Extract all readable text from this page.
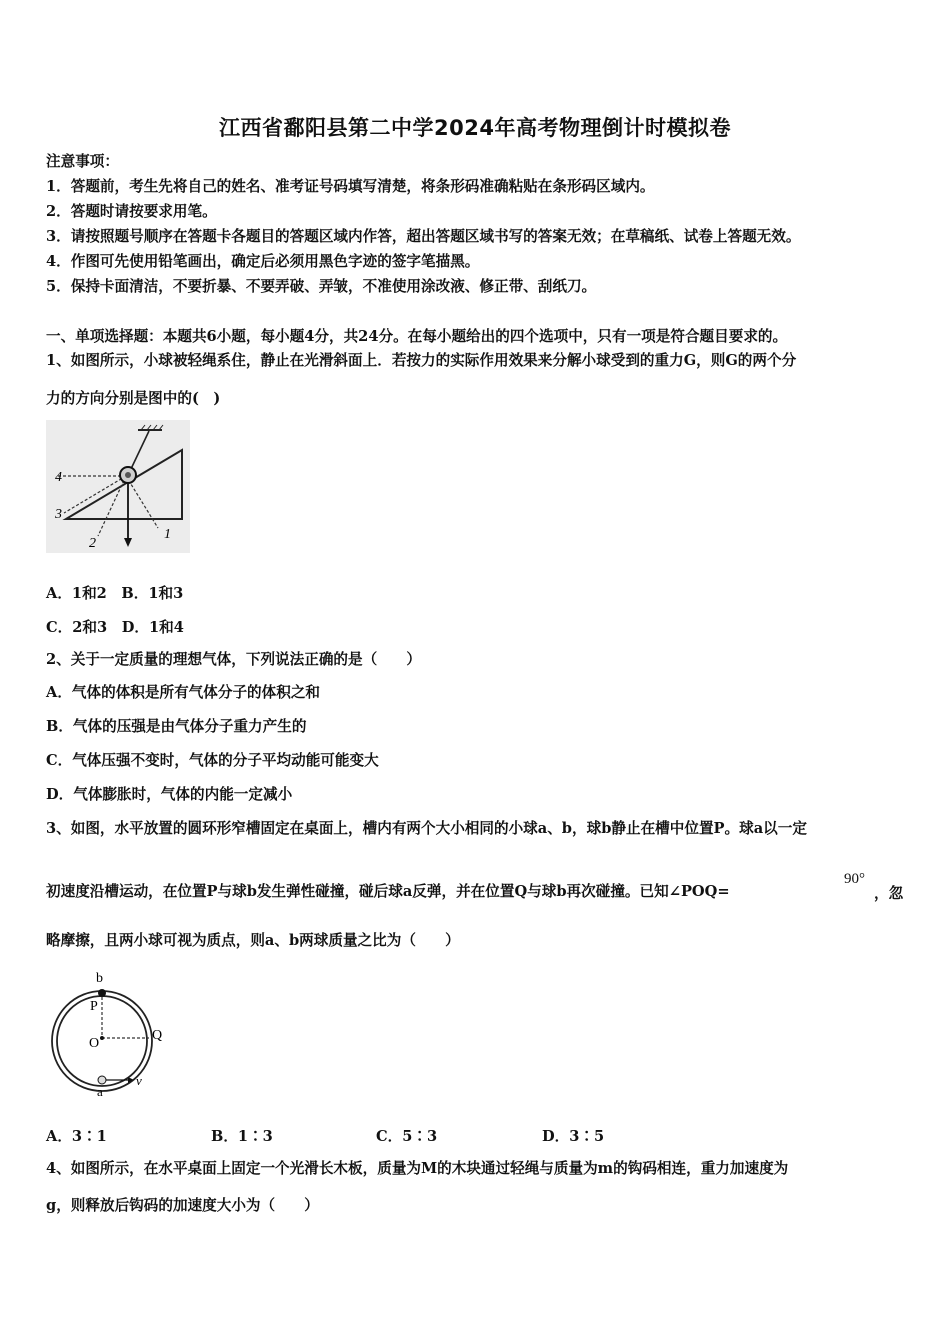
江西省鄱阳县第二中学2024年高考物理倒计时模拟卷
注意事项：
1．答题前，考生先将自己的姓名、准考证号码填写清楚，将条形码准确粘贴在条形码区域内。
2．答题时请按要求用笔。
3．请按照题号顺序在答题卡各题目的答题区域内作答，超出答题区域书写的答案无效；在草稿纸、试卷上答题无效。
4．作图可先使用铅笔画出，确定后必须用黑色字迹的签字笔描黑。
5．保持卡面清洁，不要折暴、不要弄破、弄皱，不准使用涂改液、修正带、刮纸刀。
一、单项选择题：本题共6小题，每小题4分，共24分。在每小题给出的四个选项中，只有一项是符合题目要求的。
1、如图所示，小球被轻绳系住，静止在光滑斜面上．若按力的实际作用效果来分解小球受到的重力G，则G的两个分
力的方向分别是图中的(　)
4
3
2
1
A．1和2　B．1和3
C．2和3　D．1和4
2、关于一定质量的理想气体，下列说法正确的是（　　）
A．气体的体积是所有气体分子的体积之和
B．气体的压强是由气体分子重力产生的
C．气体压强不变时，气体的分子平均动能可能变大
D．气体膨胀时，气体的内能一定减小
3、如图，水平放置的圆环形窄槽固定在桌面上，槽内有两个大小相同的小球a、b，球b静止在槽中位置P。球a以一定
初速度沿槽运动，在位置P与球b发生弹性碰撞，碰后球a反弹，并在位置Q与球b再次碰撞。已知∠POQ=
90°
，忽
略摩擦，且两小球可视为质点，则a、b两球质量之比为（　　）
b
P
O
Q
a
v
A．3∶1	B．1∶3	C．5∶3	D．3∶5
4、如图所示，在水平桌面上固定一个光滑长木板，质量为M的木块通过轻绳与质量为m的钩码相连，重力加速度为
g，则释放后钩码的加速度大小为（　　）
